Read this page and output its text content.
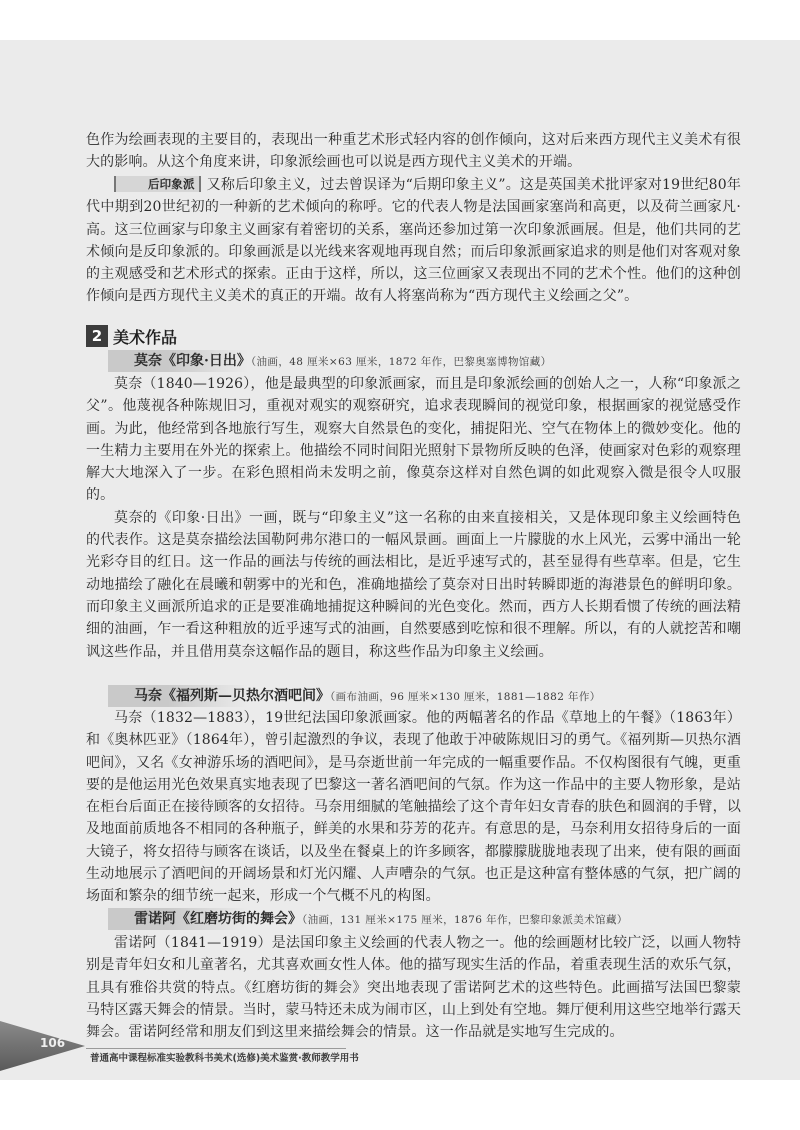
色作为绘画表现的主要目的，表现出一种重艺术形式轻内容的创作倾向，这对后来西方现代主义美术有很大的影响。从这个角度来讲，印象派绘画也可以说是西方现代主义美术的开端。

后印象派 又称后印象主义，过去曾误译为“后期印象主义”。这是英国美术批评家对19世纪80年代中期到20世纪初的一种新的艺术倾向的称呼。它的代表人物是法国画家塞尚和高更，以及荷兰画家凡·高。这三位画家与印象主义画家有着密切的关系，塞尚还参加过第一次印象派画展。但是，他们共同的艺术倾向是反印象派的。印象画派是以光线来客观地再现自然；而后印象派画家追求的则是他们对客观对象的主观感受和艺术形式的探索。正由于这样，所以，这三位画家又表现出不同的艺术个性。他们的这种创作倾向是西方现代主义美术的真正的开端。故有人将塞尚称为“西方现代主义绘画之父”。

2 美术作品
莫奈《印象·日出》（油画，48 厘米×63 厘米，1872 年作，巴黎奥塞博物馆藏）

莫奈（1840—1926），他是最典型的印象派画家，而且是印象派绘画的创始人之一，人称“印象派之父”。他蔑视各种陈规旧习，重视对观实的观察研究，追求表现瞬间的视觉印象，根据画家的视觉感受作画。为此，他经常到各地旅行写生，观察大自然景色的变化，捕捉阳光、空气在物体上的微妙变化。他的一生精力主要用在外光的探索上。他描绘不同时间阳光照射下景物所反映的色泽，使画家对色彩的观察理解大大地深入了一步。在彩色照相尚未发明之前，像莫奈这样对自然色调的如此观察入微是很令人叹服的。

莫奈的《印象·日出》一画，既与“印象主义”这一名称的由来直接相关，又是体现印象主义绘画特色的代表作。这是莫奈描绘法国勒阿弗尔港口的一幅风景画。画面上一片朦胧的水上风光，云雾中涌出一轮光彩夺目的红日。这一作品的画法与传统的画法相比，是近乎速写式的，甚至显得有些草率。但是，它生动地描绘了融化在晨曦和朝雾中的光和色，准确地描绘了莫奈对日出时转瞬即逝的海港景色的鲜明印象。而印象主义画派所追求的正是要准确地捕捉这种瞬间的光色变化。然而，西方人长期看惯了传统的画法精细的油画，乍一看这种粗放的近乎速写式的油画，自然要感到吃惊和很不理解。所以，有的人就挖苦和嘲讽这些作品，并且借用莫奈这幅作品的题目，称这些作品为印象主义绘画。

马奈《福列斯—贝热尔酒吧间》（画布油画，96 厘米×130 厘米，1881—1882 年作）

马奈（1832—1883），19世纪法国印象派画家。他的两幅著名的作品《草地上的午餐》（1863年）和《奥林匹亚》（1864年），曾引起激烈的争议，表现了他敢于冲破陈规旧习的勇气。《福列斯—贝热尔酒吧间》，又名《女神游乐场的酒吧间》，是马奈逝世前一年完成的一幅重要作品。不仅构图很有气魄，更重要的是他运用光色效果真实地表现了巴黎这一著名酒吧间的气氛。作为这一作品中的主要人物形象，是站在柜台后面正在接待顾客的女招待。马奈用细腻的笔触描绘了这个青年妇女青春的肤色和圆润的手臂，以及地面前质地各不相同的各种瓶子，鲜美的水果和芬芳的花卉。有意思的是，马奈利用女招待身后的一面大镜子，将女招待与顾客在谈话，以及坐在餐桌上的许多顾客，都朦朦胧胧地表现了出来，使有限的画面生动地展示了酒吧间的开阔场景和灯光闪耀、人声嘈杂的气氛。也正是这种富有整体感的气氛，把广阔的场面和繁杂的细节统一起来，形成一个气概不凡的构图。

雷诺阿《红磨坊街的舞会》（油画，131 厘米×175 厘米，1876 年作，巴黎印象派美术馆藏）

雷诺阿（1841—1919）是法国印象主义绘画的代表人物之一。他的绘画题材比较广泛，以画人物特别是青年妇女和儿童著名，尤其喜欢画女性人体。他的描写现实生活的作品，着重表现生活的欢乐气氛，且具有雅俗共赏的特点。《红磨坊街的舞会》突出地表现了雷诺阿艺术的这些特色。此画描写法国巴黎蒙马特区露天舞会的情景。当时，蒙马特还未成为闹市区，山上到处有空地。舞厅便利用这些空地举行露天舞会。雷诺阿经常和朋友们到这里来描绘舞会的情景。这一作品就是实地写生完成的。

106
普通高中课程标准实验教科书美术(选修)美术鉴赏·教师教学用书
